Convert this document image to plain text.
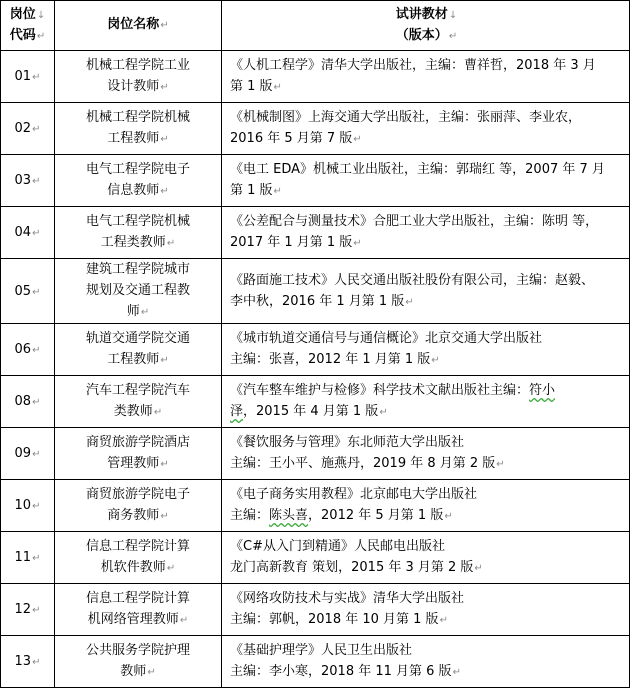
岗位↓
代码↵	岗位名称↵	试讲教材↓
（版本）↵

01↵	机械工程学院工业
设计教师↵	《人机工程学》清华大学出版社，主编：曹祥哲，2018 年 3 月
第 1 版↵

02↵	机械工程学院机械
工程教师↵	《机械制图》上海交通大学出版社，主编：张丽萍、李业农，
2016 年 5 月第 7 版↵

03↵	电气工程学院电子
信息教师↵	《电工 EDA》机械工业出版社，主编：郭瑞红 等，2007 年 7 月
第 1 版↵

04↵	电气工程学院机械
工程类教师↵	《公差配合与测量技术》合肥工业大学出版社，主编：陈明 等，
2017 年 1 月第 1 版↵

05↵	建筑工程学院城市
规划及交通工程教
师↵	《路面施工技术》人民交通出版社股份有限公司，主编：赵毅、
李中秋，2016 年 1 月第 1 版↵

06↵	轨道交通学院交通
工程教师↵	《城市轨道交通信号与通信概论》北京交通大学出版社
主编：张喜，2012 年 1 月第 1 版↵

08↵	汽车工程学院汽车
类教师↵	《汽车整车维护与检修》科学技术文献出版社主编：符小
泽，2015 年 4 月第 1 版↵

09↵	商贸旅游学院酒店
管理教师↵	《餐饮服务与管理》东北师范大学出版社
主编：王小平、施燕丹，2019 年 8 月第 2 版↵

10↵	商贸旅游学院电子
商务教师↵	《电子商务实用教程》北京邮电大学出版社
主编：陈头喜，2012 年 5 月第 1 版↵

11↵	信息工程学院计算
机软件教师↵	《C#从入门到精通》人民邮电出版社
龙门高新教育 策划，2015 年 3 月第 2 版↵

12↵	信息工程学院计算
机网络管理教师↵	《网络攻防技术与实战》清华大学出版社
主编：郭帆，2018 年 10 月第 1 版↵

13↵	公共服务学院护理
教师↵	《基础护理学》人民卫生出版社
主编：李小寒，2018 年 11 月第 6 版↵
